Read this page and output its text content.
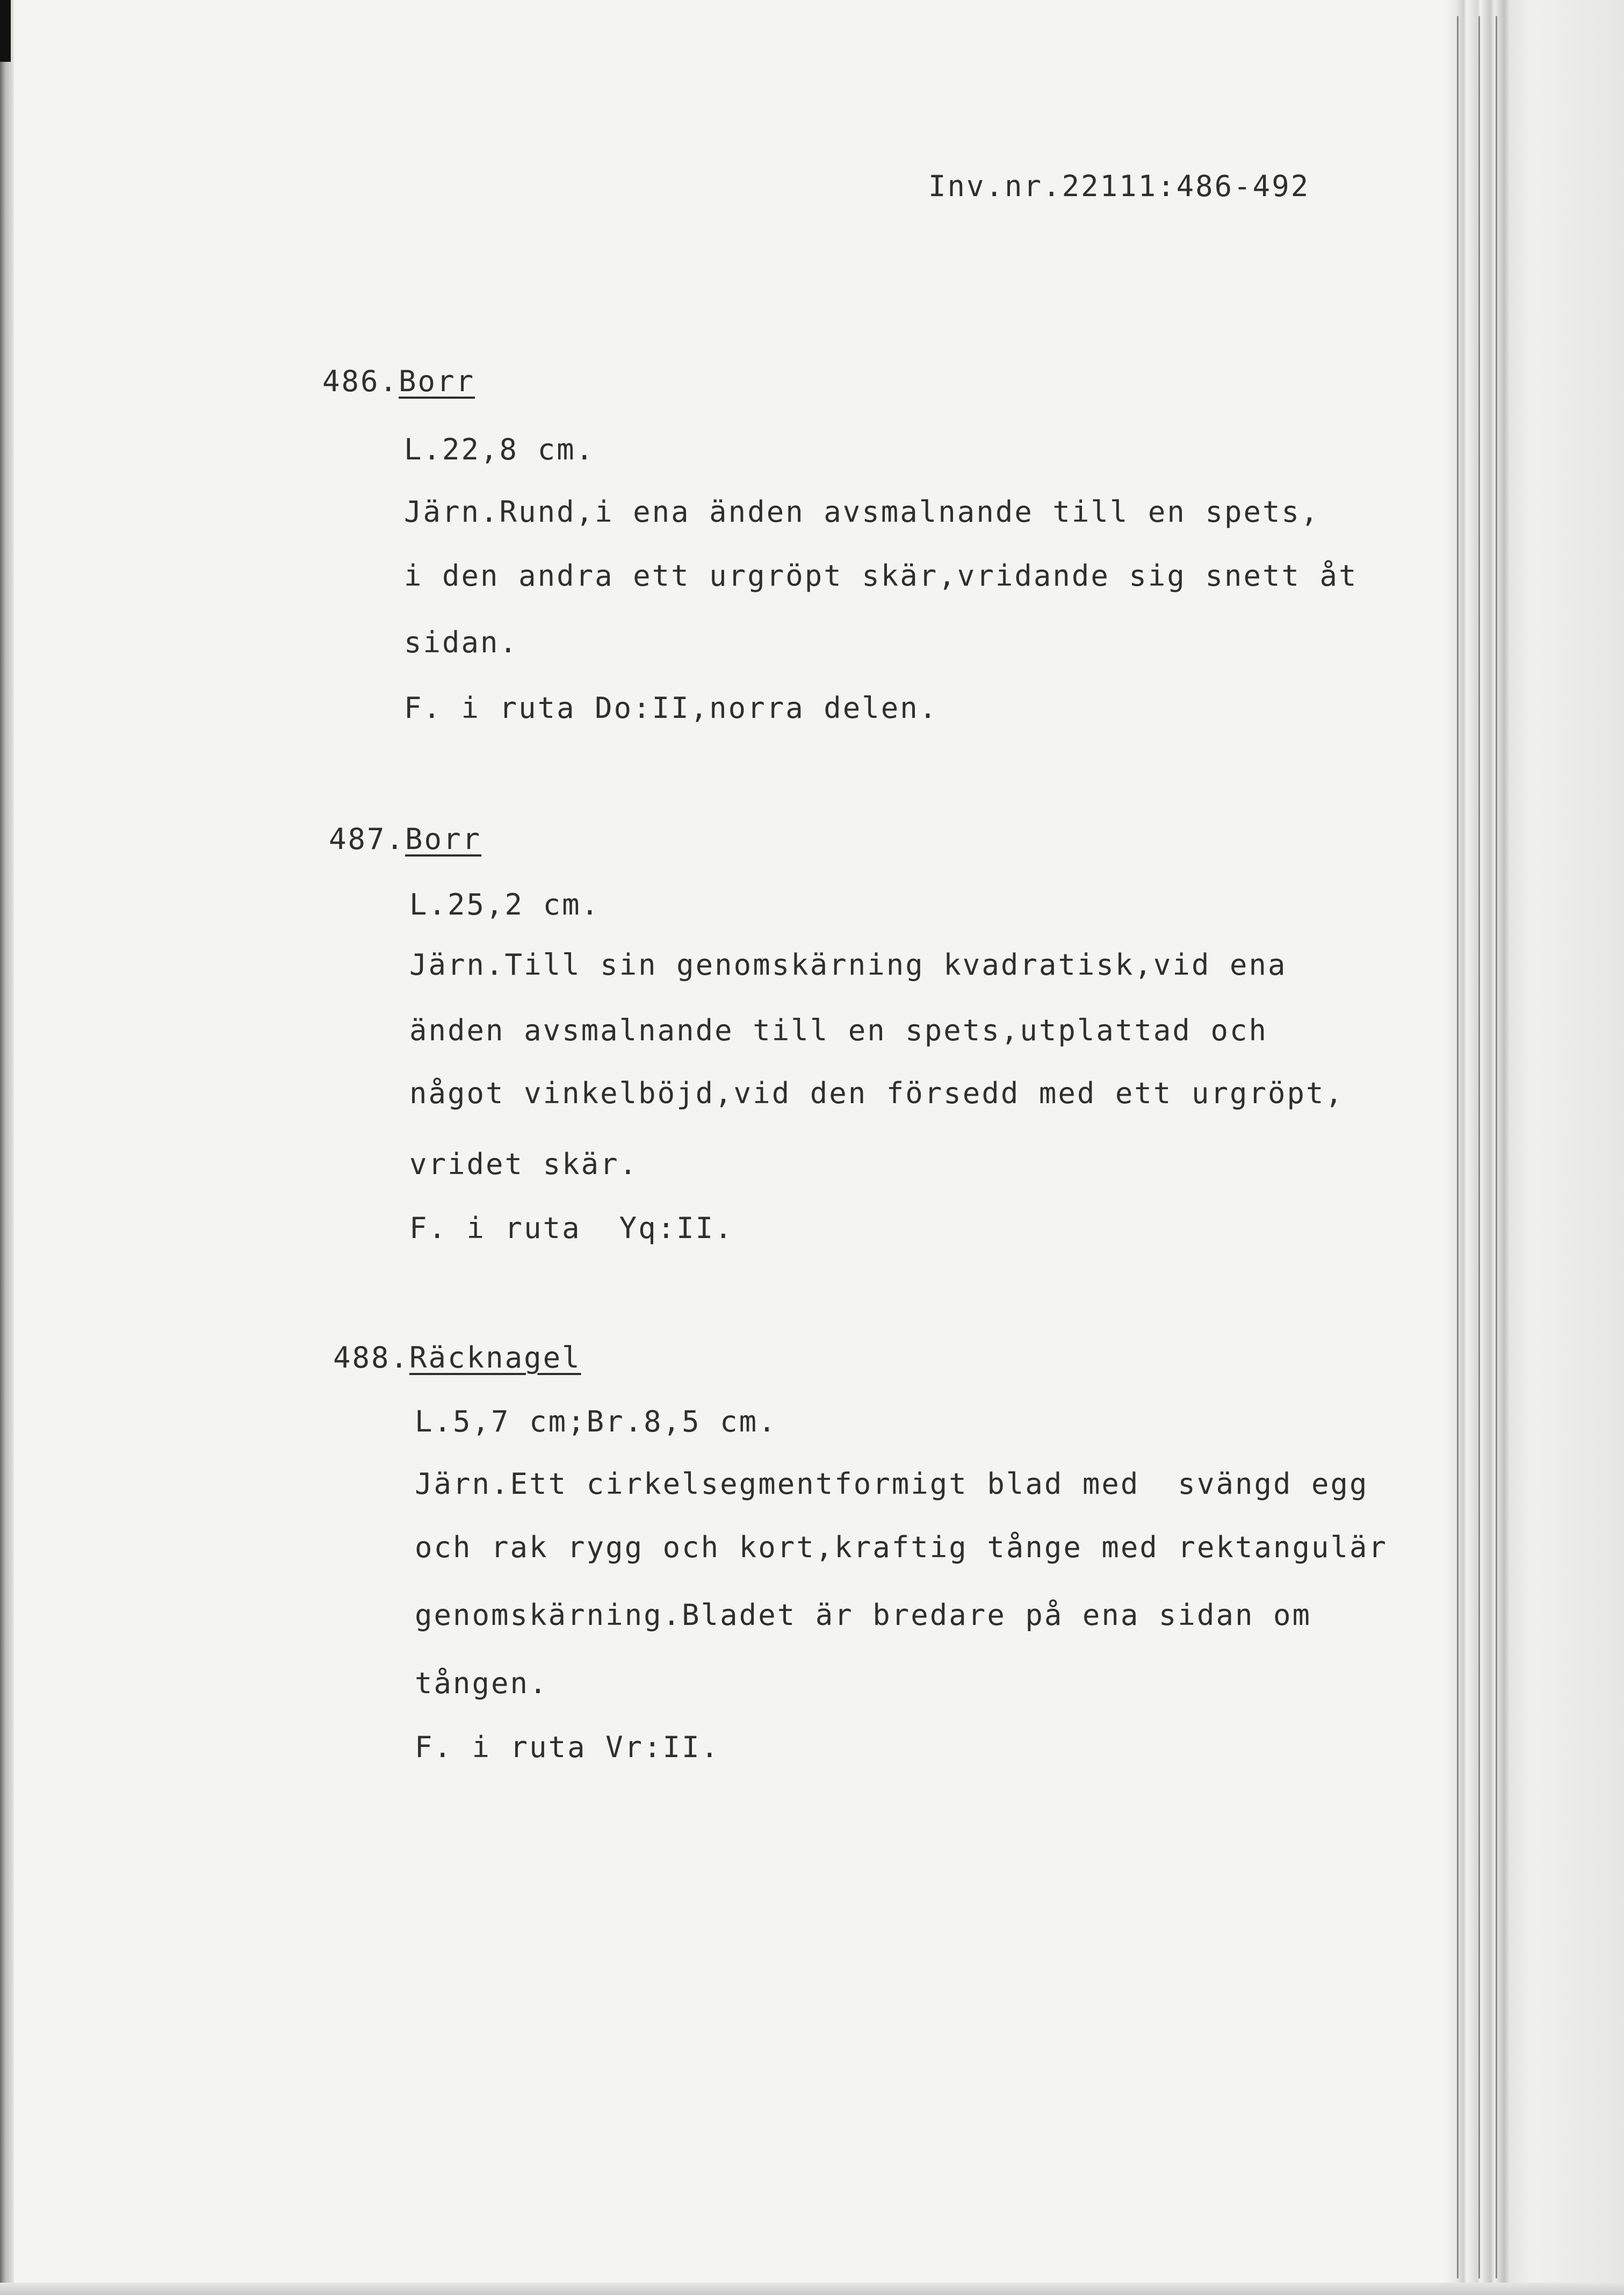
Inv.nr.22111:486-492
486.Borr
L.22,8 cm.
Järn.Rund,i ena änden avsmalnande till en spets,
i den andra ett urgröpt skär,vridande sig snett åt
sidan.
F. i ruta Do:II,norra delen.
487.Borr
L.25,2 cm.
Järn.Till sin genomskärning kvadratisk,vid ena
änden avsmalnande till en spets,utplattad och
något vinkelböjd,vid den försedd med ett urgröpt,
vridet skär.
F. i ruta  Yq:II.
488.Räcknagel
L.5,7 cm;Br.8,5 cm.
Järn.Ett cirkelsegmentformigt blad med  svängd egg
och rak rygg och kort,kraftig tånge med rektangulär
genomskärning.Bladet är bredare på ena sidan om
tången.
F. i ruta Vr:II.
